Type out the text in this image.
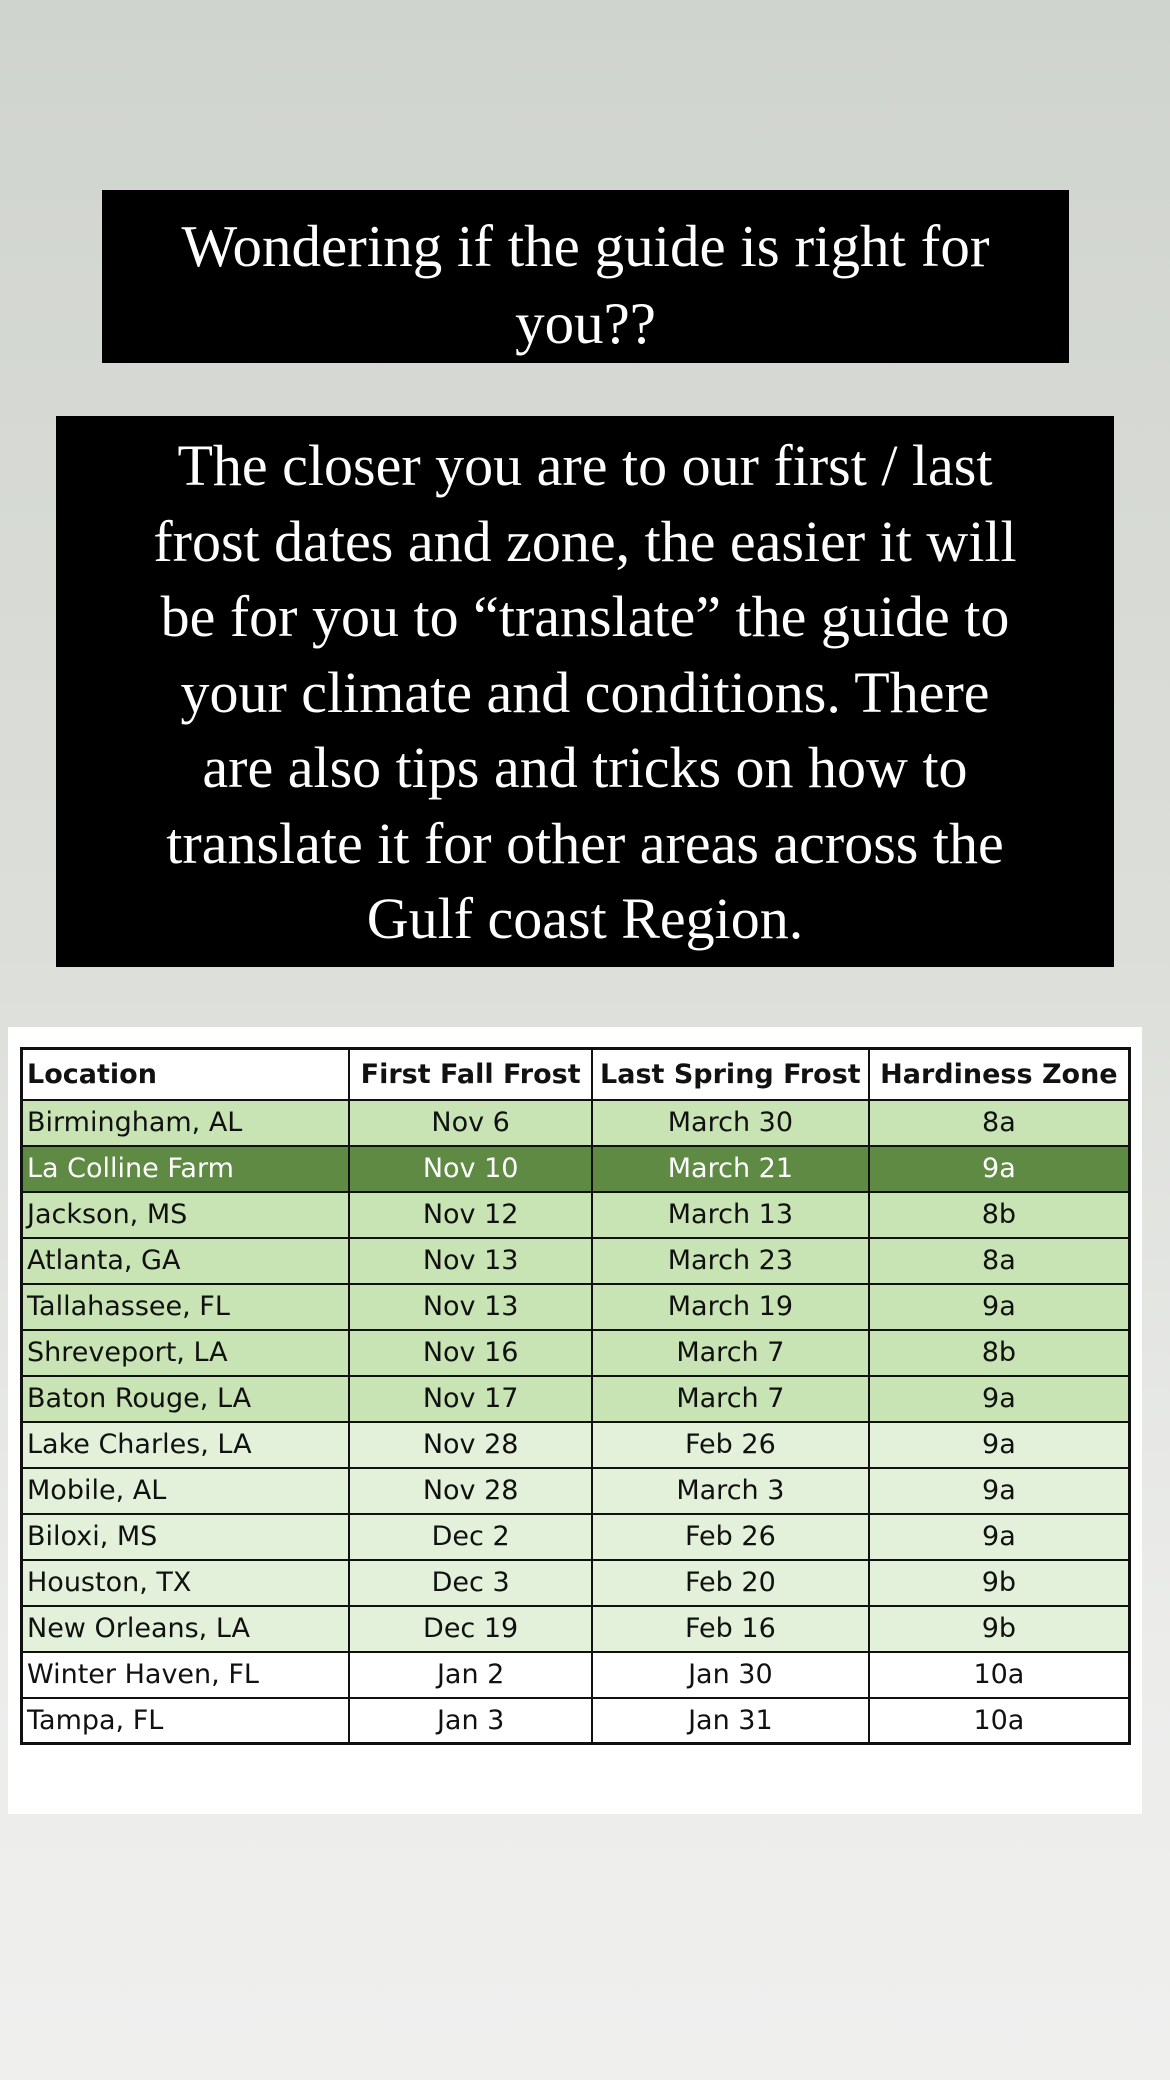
Wondering if the guide is right for
you??
The closer you are to our first / last
frost dates and zone, the easier it will
be for you to “translate” the guide to
your climate and conditions. There
are also tips and tricks on how to
translate it for other areas across the
Gulf coast Region.
Location	First Fall Frost	Last Spring Frost	Hardiness Zone
Birmingham, AL	Nov 6	March 30	8a
La Colline Farm	Nov 10	March 21	9a
Jackson, MS	Nov 12	March 13	8b
Atlanta, GA	Nov 13	March 23	8a
Tallahassee, FL	Nov 13	March 19	9a
Shreveport, LA	Nov 16	March 7	8b
Baton Rouge, LA	Nov 17	March 7	9a
Lake Charles, LA	Nov 28	Feb 26	9a
Mobile, AL	Nov 28	March 3	9a
Biloxi, MS	Dec 2	Feb 26	9a
Houston, TX	Dec 3	Feb 20	9b
New Orleans, LA	Dec 19	Feb 16	9b
Winter Haven, FL	Jan 2	Jan 30	10a
Tampa, FL	Jan 3	Jan 31	10a
